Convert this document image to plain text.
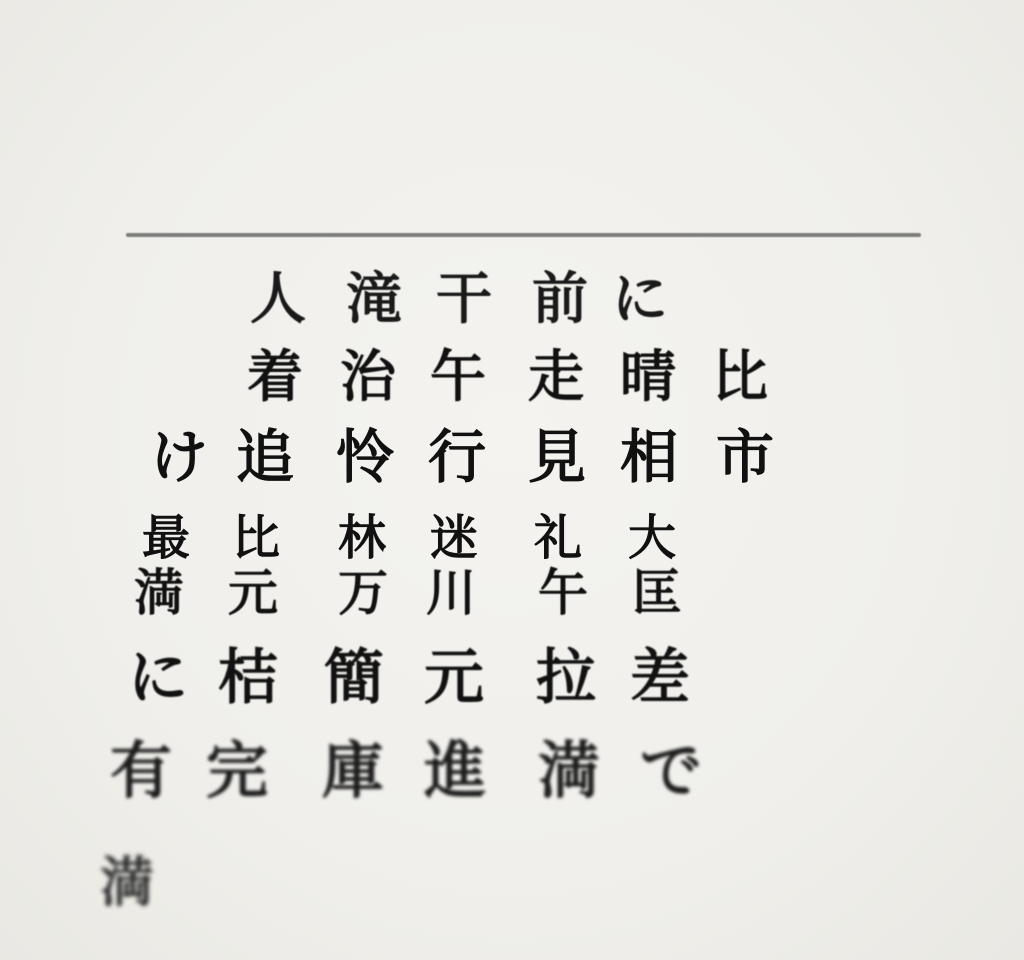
人 滝 干 前 に
着 治 午 走 晴 比
け 追 怜 行 見 相 市
最 比 林 迷 礼 大
満 元 万 川 午 匡
に 桔 簡 元 拉 差
有 完 庫 進 満 で
満
